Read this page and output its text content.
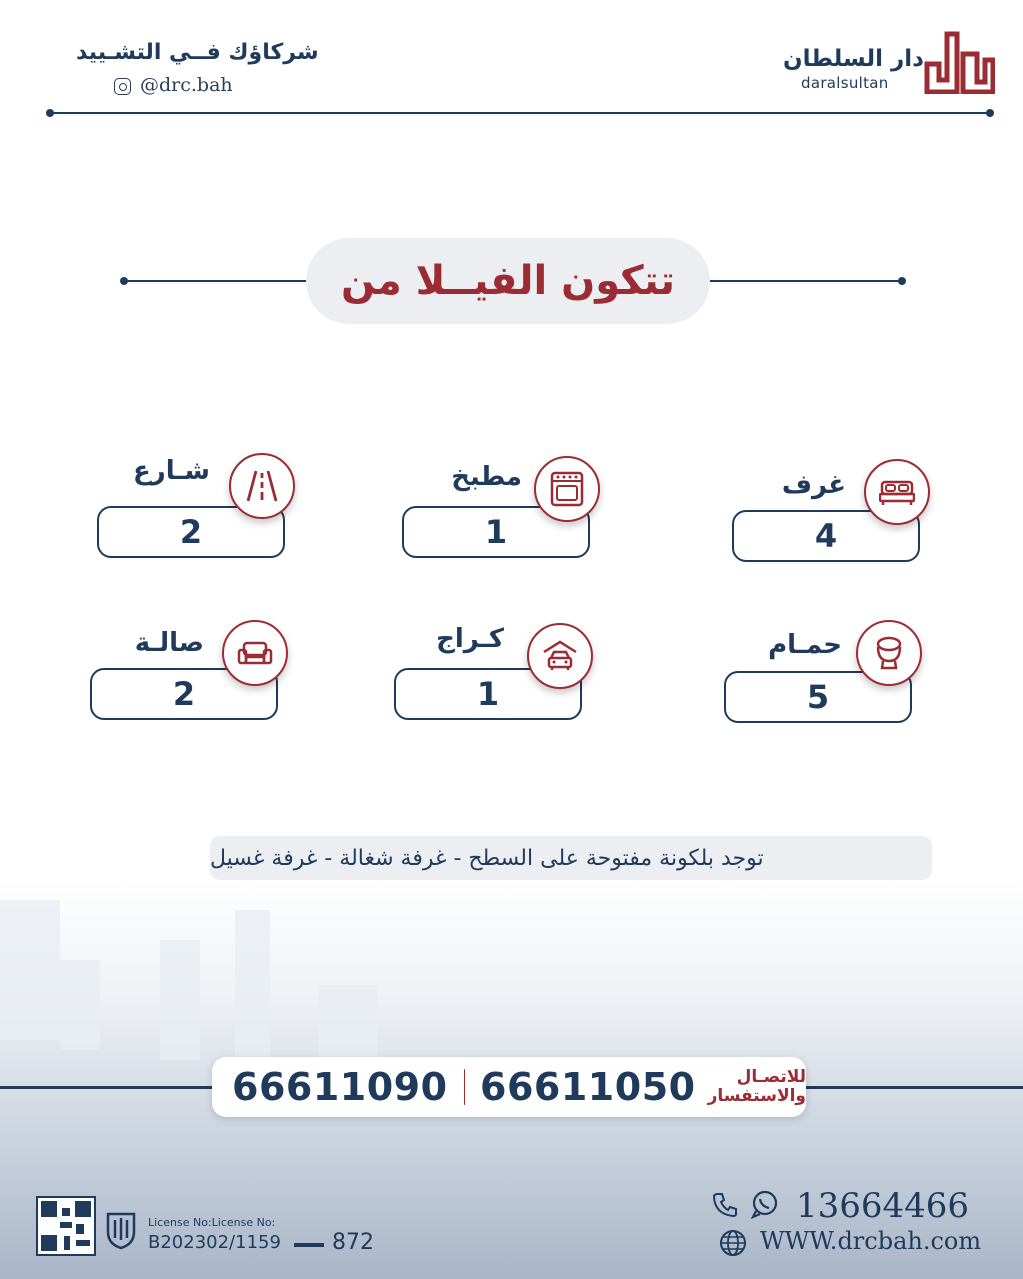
دار السلطان
daralsultan
شركاؤك فــي التشـييد
@drc.bah
تتكون الفيــلا من
4
غرف
1
مطبخ
2
شـارع
5
حمـام
1
كـراج
2
صالـة
توجد بلكونة مفتوحة على السطح - غرفة شغالة - غرفة غسيل
66611090 66611050	للاتصـال
والاستفسار
13664466
WWW.drcbah.com
License No:License No:
B202302/1159 872
